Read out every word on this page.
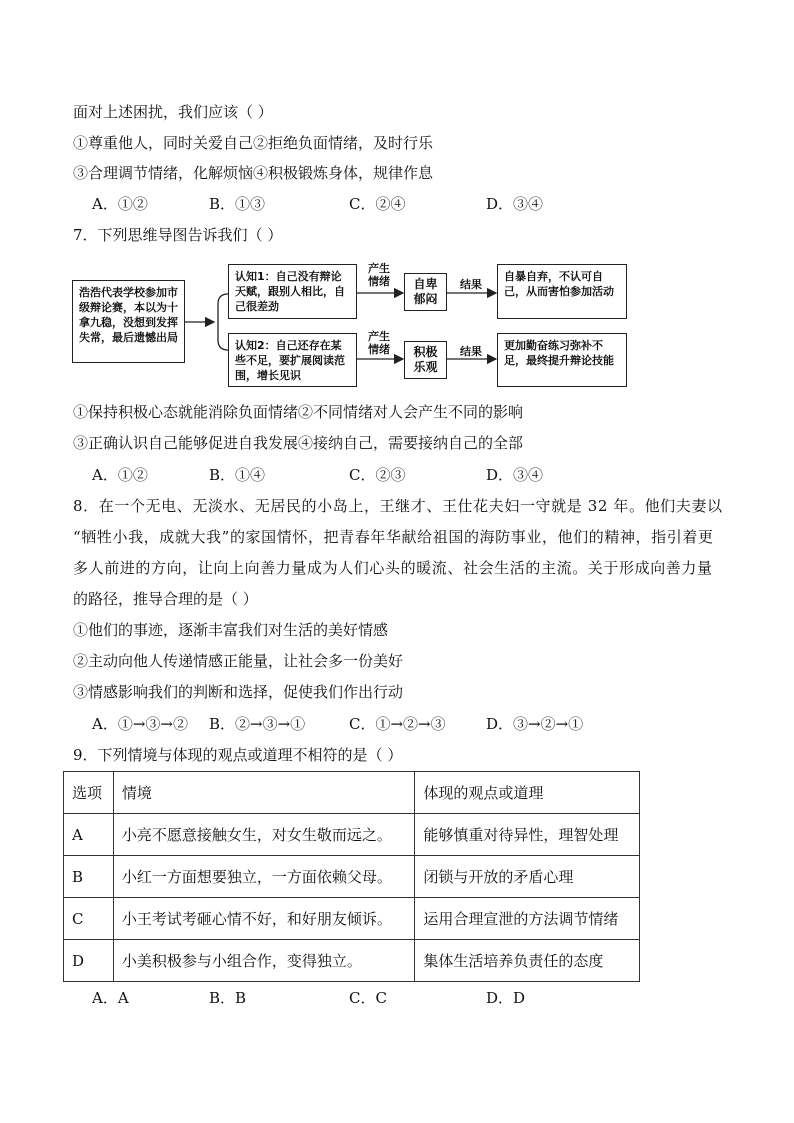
面对上述困扰，我们应该（ ）
①尊重他人，同时关爱自己②拒绝负面情绪，及时行乐
③合理调节情绪，化解烦恼④积极锻炼身体，规律作息
A．①②	B．①③	C．②④	D．③④
7．下列思维导图告诉我们（ ）
浩浩代表学校参加市级辩论赛，本以为十拿九稳，没想到发挥失常，最后遗憾出局
认知1：自己没有辩论天赋，跟别人相比，自己很差劲
认知2：自己还存在某些不足，要扩展阅读范围，增长见识
产生情绪
产生情绪
自卑郁闷
积极乐观
结果
结果
自暴自弃，不认可自己，从而害怕参加活动
更加勤奋练习弥补不足，最终提升辩论技能
①保持积极心态就能消除负面情绪②不同情绪对人会产生不同的影响
③正确认识自己能够促进自我发展④接纳自己，需要接纳自己的全部
A．①②	B．①④	C．②③	D．③④
8．在一个无电、无淡水、无居民的小岛上，王继才、王仕花夫妇一守就是 32 年。他们夫妻以
“牺牲小我，成就大我”的家国情怀，把青春年华献给祖国的海防事业，他们的精神，指引着更
多人前进的方向，让向上向善力量成为人们心头的暖流、社会生活的主流。关于形成向善力量
的路径，推导合理的是（ ）
①他们的事迹，逐渐丰富我们对生活的美好情感
②主动向他人传递情感正能量，让社会多一份美好
③情感影响我们的判断和选择，促使我们作出行动
A．①→③→② B．②→③→①	C．①→②→③	D．③→②→①
9．下列情境与体现的观点或道理不相符的是（ ）
选项	情境	体现的观点或道理
A	小亮不愿意接触女生，对女生敬而远之。	能够慎重对待异性，理智处理
B	小红一方面想要独立，一方面依赖父母。	闭锁与开放的矛盾心理
C	小王考试考砸心情不好，和好朋友倾诉。	运用合理宣泄的方法调节情绪
D	小美积极参与小组合作，变得独立。	集体生活培养负责任的态度
A．A	B．B	C．C	D．D
